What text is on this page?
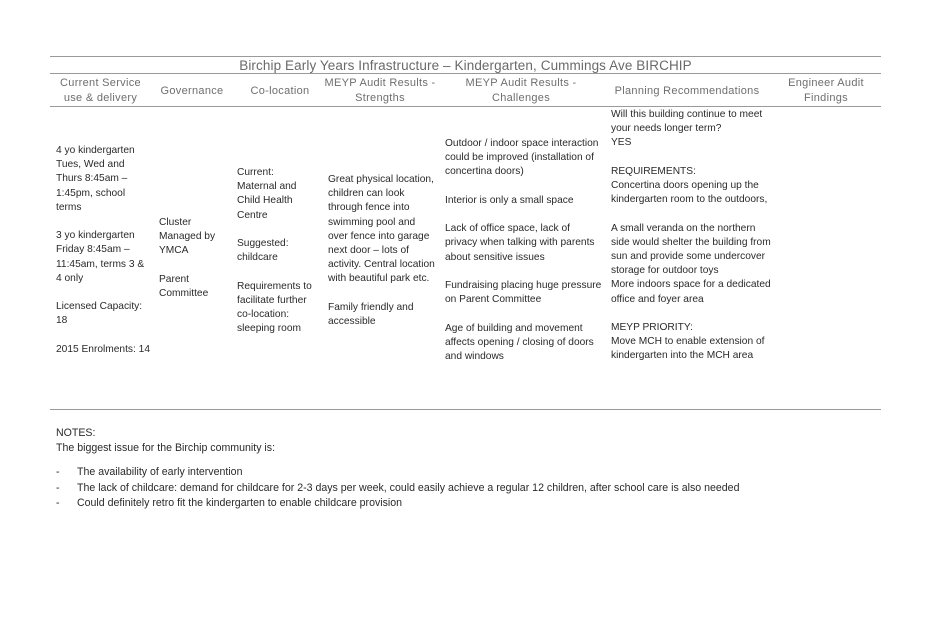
Birchip Early Years Infrastructure – Kindergarten, Cummings Ave BIRCHIP
Current Service use & delivery
Governance	Co-location
MEYP Audit Results - Strengths
MEYP Audit Results - Challenges
Planning Recommendations
Engineer Audit Findings

4 yo kindergarten Tues, Wed and Thurs 8:45am – 1:45pm, school terms

3 yo kindergarten Friday 8:45am – 11:45am, terms 3 & 4 only

Licensed Capacity: 18

2015 Enrolments: 14

Cluster Managed by YMCA

Parent Committee

Current: Maternal and Child Health Centre

Suggested: childcare

Requirements to facilitate further co-location: sleeping room

Great physical location, children can look through fence into swimming pool and over fence into garage next door – lots of activity. Central location with beautiful park etc.

Family friendly and accessible

Outdoor / indoor space interaction could be improved (installation of concertina doors)

Interior is only a small space

Lack of office space, lack of privacy when talking with parents about sensitive issues

Fundraising placing huge pressure on Parent Committee

Age of building and movement affects opening / closing of doors and windows

Will this building continue to meet your needs longer term?
YES

REQUIREMENTS:
Concertina doors opening up the kindergarten room to the outdoors,

A small veranda on the northern side would shelter the building from sun and provide some undercover storage for outdoor toys
More indoors space for a dedicated office and foyer area

MEYP PRIORITY:
Move MCH to enable extension of kindergarten into the MCH area

NOTES:
The biggest issue for the Birchip community is:
- The availability of early intervention
- The lack of childcare: demand for childcare for 2-3 days per week, could easily achieve a regular 12 children, after school care is also needed
- Could definitely retro fit the kindergarten to enable childcare provision
